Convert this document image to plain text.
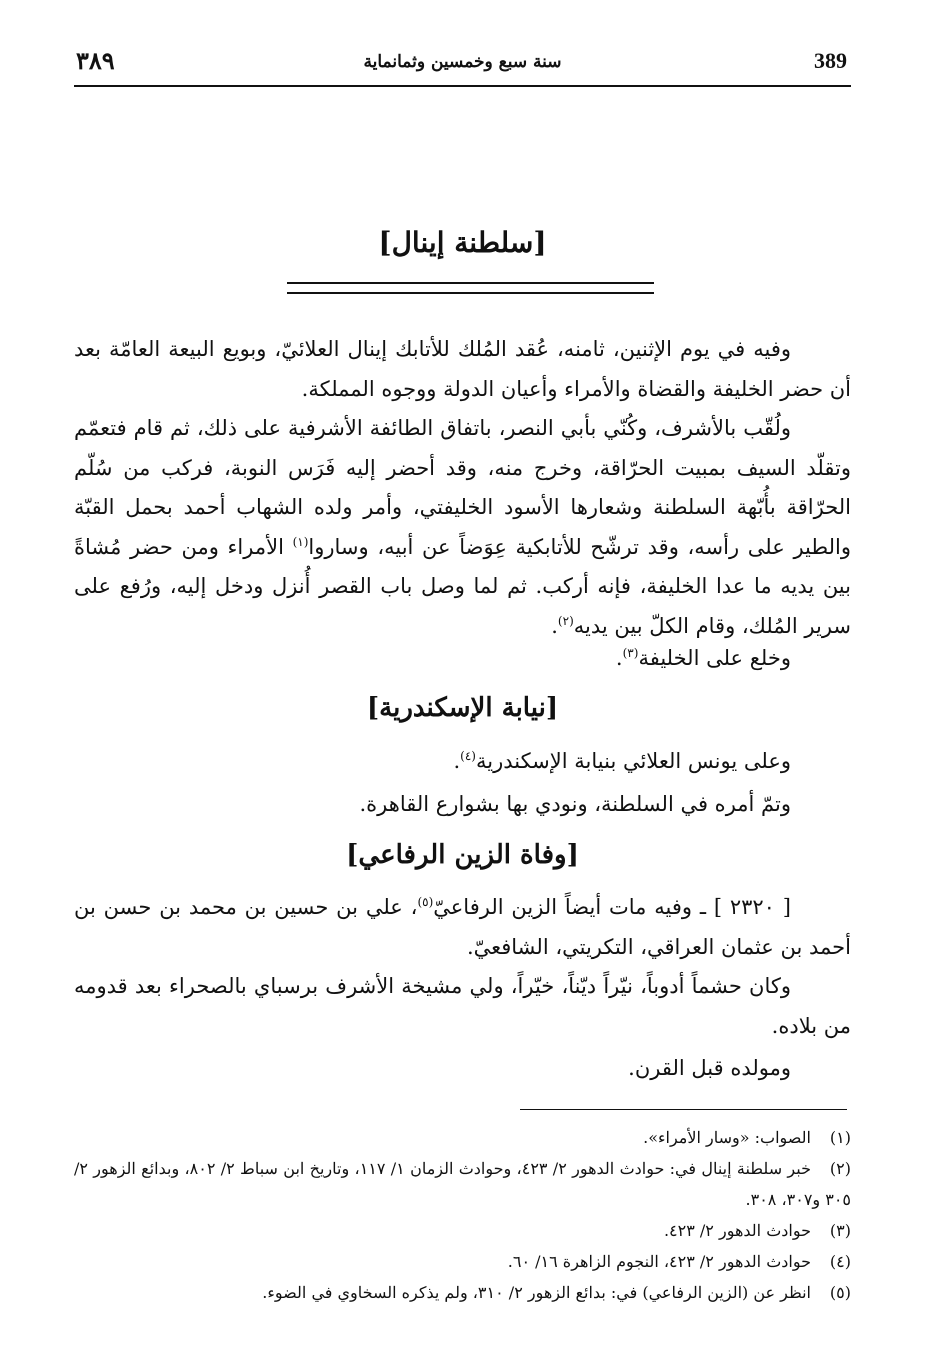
389
سنة سبع وخمسين وثمانماية
٣٨٩
[سلطنة إينال]
وفيه في يوم الإثنين، ثامنه، عُقد المُلك للأتابك إينال العلائيّ، وبويع البيعة العامّة بعد أن حضر الخليفة والقضاة والأمراء وأعيان الدولة ووجوه المملكة.
ولُقّب بالأشرف، وكُنّي بأبي النصر، باتفاق الطائفة الأشرفية على ذلك، ثم قام فتعمّم وتقلّد السيف بمبيت الحرّاقة، وخرج منه، وقد أحضر إليه فَرَس النوبة، فركب من سُلّم الحرّاقة بأُبّهة السلطنة وشعارها الأسود الخليفتي، وأمر ولده الشهاب أحمد بحمل القبّة والطير على رأسه، وقد ترشّح للأتابكية عِوَضاً عن أبيه، وساروا$^{(١)}$ الأمراء ومن حضر مُشاةً بين يديه ما عدا الخليفة، فإنه أركب. ثم لما وصل باب القصر أُنزل ودخل إليه، ورُفع على سرير المُلك، وقام الكلّ بين يديه$^{(٢)}$.
وخلع على الخليفة$^{(٣)}$.
[نيابة الإسكندرية]
وعلى يونس العلائي بنيابة الإسكندرية$^{(٤)}$.
وتمّ أمره في السلطنة، ونودي بها بشوارع القاهرة.
[وفاة الزين الرفاعي]
[ ٢٣٢٠ ] ـ وفيه مات أيضاً الزين الرفاعيّ$^{(٥)}$، علي بن حسين بن محمد بن حسن بن أحمد بن عثمان العراقي، التكريتي، الشافعيّ.
وكان حشماً أدوباً، نيّراً ديّناً، خيّراً، ولي مشيخة الأشرف برسباي بالصحراء بعد قدومه من بلاده.
ومولده قبل القرن.
(١)الصواب: «وسار الأمراء».
(٢)خبر سلطنة إينال في: حوادث الدهور ٢/ ٤٢٣، وحوادث الزمان ١/ ١١٧، وتاريخ ابن سباط ٢/ ٨٠٢، وبدائع الزهور ٢/ ٣٠٥ و٣٠٧، ٣٠٨.
(٣)حوادث الدهور ٢/ ٤٢٣.
(٤)حوادث الدهور ٢/ ٤٢٣، النجوم الزاهرة ١٦/ ٦٠.
(٥)انظر عن (الزين الرفاعي) في: بدائع الزهور ٢/ ٣١٠، ولم يذكره السخاوي في الضوء.
